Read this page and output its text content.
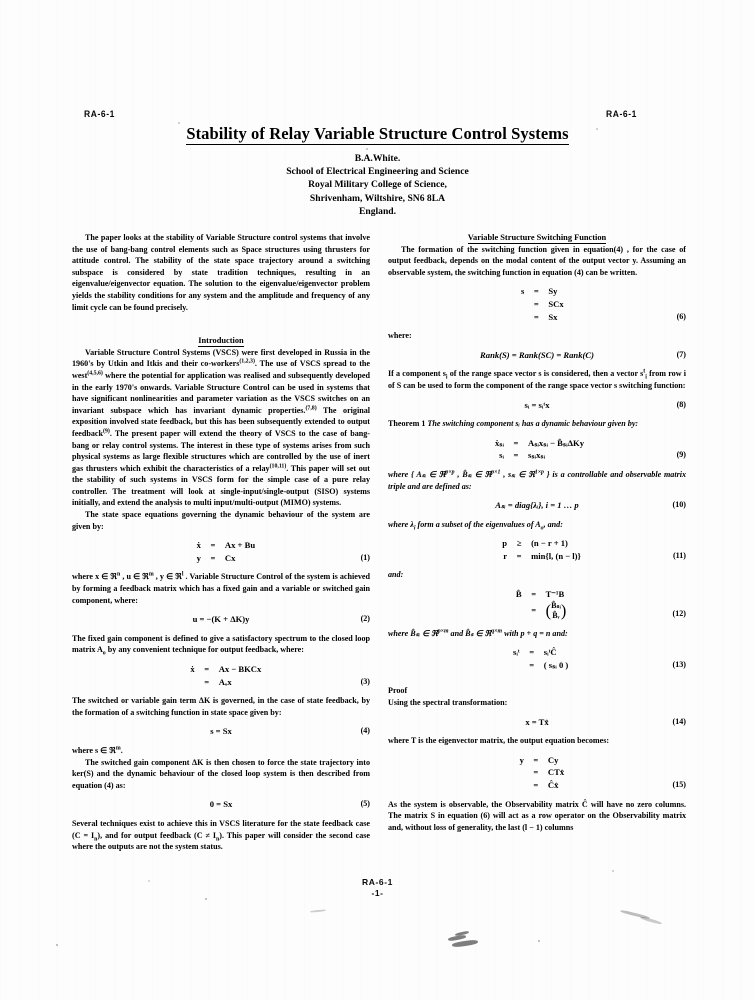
RA-6-1	RA-6-1
Stability of Relay Variable Structure Control Systems
B.A.White.
School of Electrical Engineering and Science
Royal Military College of Science,
Shrivenham, Wiltshire, SN6 8LA
England.

The paper looks at the stability of Variable Structure control systems that involve the use of bang-bang control elements such as Space structures using thrusters for attitude control. The stability of the state space trajectory around a switching subspace is considered by state tradition techniques, resulting in an eigenvalue/eigenvector equation. The solution to the eigenvalue/eigenvector problem yields the stability conditions for any system and the amplitude and frequency of any limit cycle can be found precisely.

Introduction

Variable Structure Control Systems (VSCS) were first developed in Russia in the 1960's by Utkin and Itkis and their co-workers$^{(1,2,3)}$. The use of VSCS spread to the west$^{(4,5,6)}$ where the potential for application was realised and subsequently developed in the early 1970's onwards. Variable Structure Control can be used in systems that have significant nonlinearities and parameter variation as the VSCS switches on an invariant subspace which has invariant dynamic properties.$^{(7,8)}$ The original exposition involved state feedback, but this has been subsequently extended to output feedback$^{(9)}$. The present paper will extend the theory of VSCS to the case of bang-bang or relay control systems. The interest in these type of systems arises from such physical systems as large flexible structures which are controlled by the use of inert gas thrusters which exhibit the characteristics of a relay$^{(10,11)}$. This paper will set out the stability of such systems in VSCS form for the simple case of a pure relay controller. The treatment will look at single-input/single-output (SISO) systems initially, and extend the analysis to multi input/multi-output (MIMO) systems.

The state space equations governing the dynamic behaviour of the system are given by:

ẋ	=	Ax + Bu
y	=	Cx	(1)

where x ∈ ℜ$^n$ , u ∈ ℜ$^m$ , y ∈ ℜ$^l$ . Variable Structure Control of the system is achieved by forming a feedback matrix which has a fixed gain and a variable or switched gain component, where:

u = −(K + ΔK)y	(2)

The fixed gain component is defined to give a satisfactory spectrum to the closed loop matrix $A_o$ by any convenient technique for output feedback, where:

ẋ	=	Ax − BKCx
	=	Aₒx	(3)

The switched or variable gain term ΔK is governed, in the case of state feedback, by the formation of a switching function in state space given by:

s = Sx	(4)

where s ∈ ℜ$^m$.

The switched gain component ΔK is then chosen to force the state trajectory into ker(S) and the dynamic behaviour of the closed loop system is then described from equation (4) as:

0 = Sx	(5)

Several techniques exist to achieve this in VSCS literature for the state feedback case $(C = I_n)$, and for output feedback $(C \ne I_n)$. This paper will consider the second case where the outputs are not the system status.

Variable Structure Switching Function

The formation of the switching function given in equation(4) , for the case of output feedback, depends on the modal content of the output vector y. Assuming an observable system, the switching function in equation (4) can be written.

s	=	Sy
	=	SCx
	=	Sx	(6)

where:

Rank(S) = Rank(SC) = Rank(C)	(7)

If a component $s_i$ of the range space vector s is considered, then a vector $s^t_i$ from row i of S can be used to form the component of the range space vector s switching function:

sᵢ = sᵢᵗx	(8)

Theorem 1 The switching component sᵢ has a dynamic behaviour given by:

ẋₛᵢ	=	Aₛᵢxₛᵢ − B̂ₛᵢΔKy
sᵢ	=	sₛᵢxₛᵢ	(9)

where { Aₛᵢ ∈ ℜ$^{p\times p}$ , B̂ₛᵢ ∈ ℜ$^{p\times 1}$ , sₛᵢ ∈ ℜ$^{1\times p}$ } is a controllable and observable matrix triple and are defined as:

Aₛᵢ = diag{λᵢ}, i = 1 … p	(10)

where $\lambda_i$ form a subset of the eigenvalues of $A_o$, and:

p	≥	(n − r + 1)
r	=	min{l, (n − l)}	(11)

and:

B̂	=	T⁻¹B
	=	(B̂ₛᵢ
B̂ᵣ)	(12)

where B̂ₛᵢ ∈ ℜ$^{p\times m}$ and B̂ₛ ∈ ℜ$^{q\times m}$ with p + q = n and:

sᵢᵗ	=	sᵢᵗĈ
	=	( sₛᵢ 0 )	(13)

Proof

Using the spectral transformation:

x = Tx̂	(14)

where T is the eigenvector matrix, the output equation becomes:

y	=	Cy
	=	CTx̂
	=	Ĉx̂	(15)

As the system is observable, the Observability matrix Ĉ will have no zero columns. The matrix S in equation (6) will act as a row operator on the Observability matrix and, without loss of generality, the last (l − 1) columns

RA-6-1
-1-
